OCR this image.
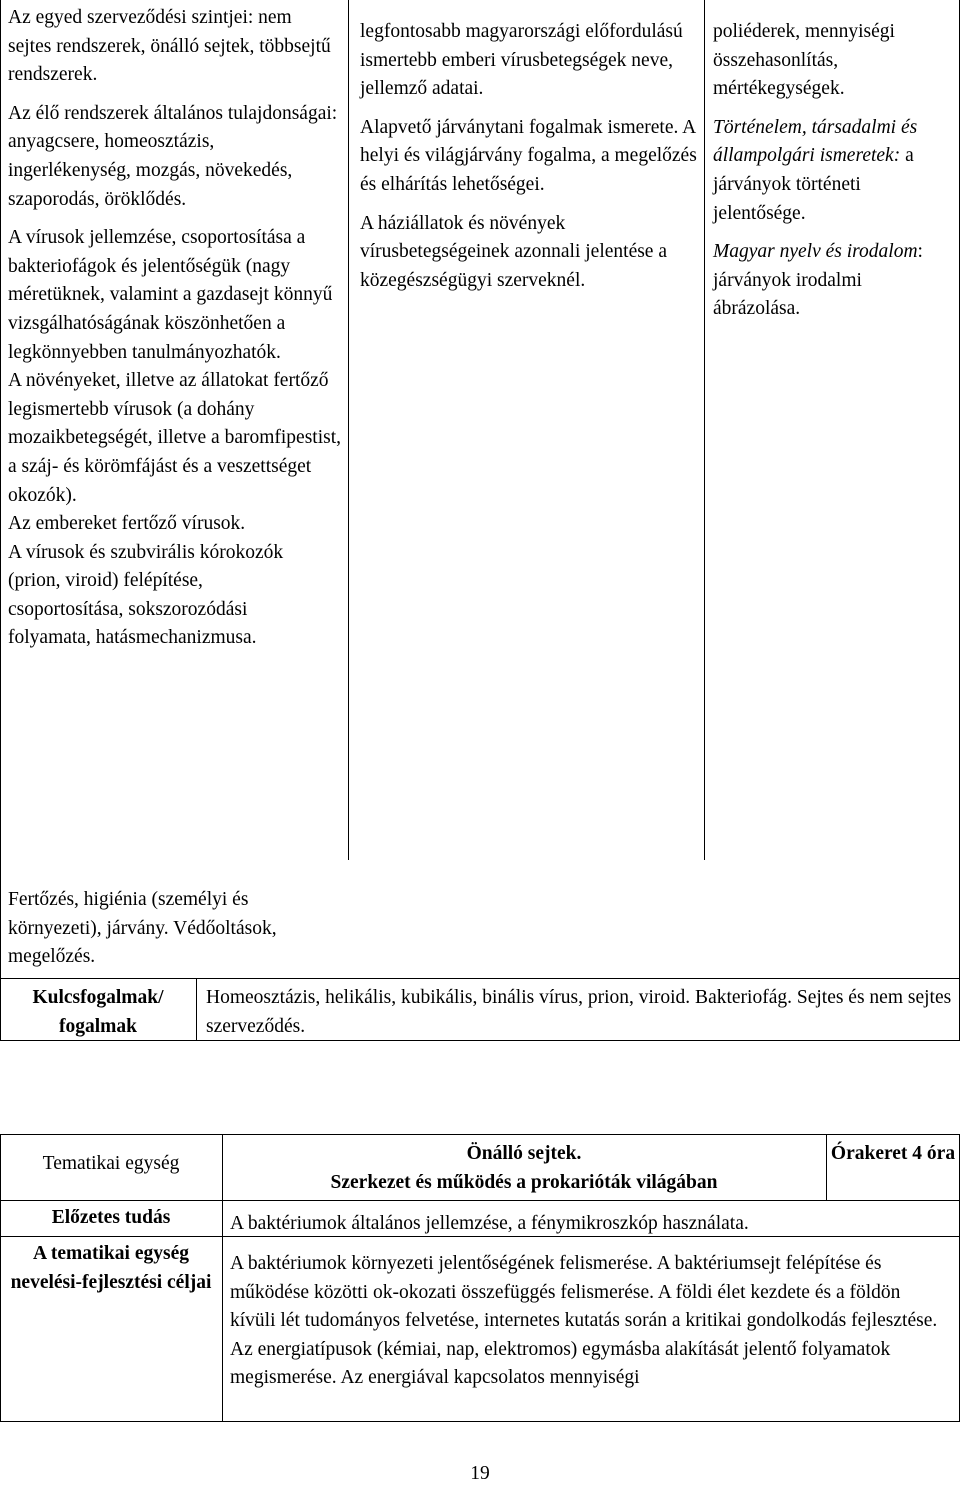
Az egyed szerveződési szintjei: nem sejtes rendszerek, önálló sejtek, többsejtű rendszerek.

Az élő rendszerek általános tulajdonságai: anyagcsere, homeosztázis, ingerlékenység, mozgás, növekedés, szaporodás, öröklődés.

A vírusok jellemzése, csoportosítása a bakteriofágok és jelentőségük (nagy méretüknek, valamint a gazdasejt könnyű vizsgálhatóságának köszönhetően a legkönnyebben tanulmányozhatók.

A növényeket, illetve az állatokat fertőző legismertebb vírusok (a dohány mozaikbetegségét, illetve a baromfipestist, a száj- és körömfájást és a veszettséget okozók).

Az embereket fertőző vírusok.

A vírusok és szubvirális kórokozók (prion, viroid) felépítése, csoportosítása, sokszorozódási folyamata, hatásmechanizmusa.

Fertőzés, higiénia (személyi és környezeti), járvány. Védőoltások, megelőzés.

legfontosabb magyarországi előfordulású ismertebb emberi vírusbetegségek neve, jellemző adatai.

Alapvető járványtani fogalmak ismerete. A helyi és világjárvány fogalma, a megelőzés és elhárítás lehetőségei.

A háziállatok és növények vírusbetegségeinek azonnali jelentése a közegészségügyi szerveknél.

poliéderek, mennyiségi összehasonlítás, mértékegységek.

Történelem, társadalmi és állampolgári ismeretek: a járványok történeti jelentősége.

Magyar nyelv és irodalom: járványok irodalmi ábrázolása.

Kulcsfogalmak/ fogalmak
Homeosztázis, helikális, kubikális, binális vírus, prion, viroid. Bakteriofág. Sejtes és nem sejtes szerveződés.
Tematikai egység	Önálló sejtek.

Szerkezet és működés a prokarióták világában

Órakeret 4 óra
Előzetes tudás	A baktériumok általános jellemzése, a fénymikroszkóp használata.
A tematikai egység nevelési-fejlesztési céljai

A baktériumok környezeti jelentőségének felismerése. A baktériumsejt felépítése és működése közötti ok-okozati összefüggés felismerése. A földi élet kezdete és a földön kívüli lét tudományos felvetése, internetes kutatás során a kritikai gondolkodás fejlesztése.

Az energiatípusok (kémiai, nap, elektromos) egymásba alakítását jelentő folyamatok megismerése. Az energiával kapcsolatos mennyiségi

19
